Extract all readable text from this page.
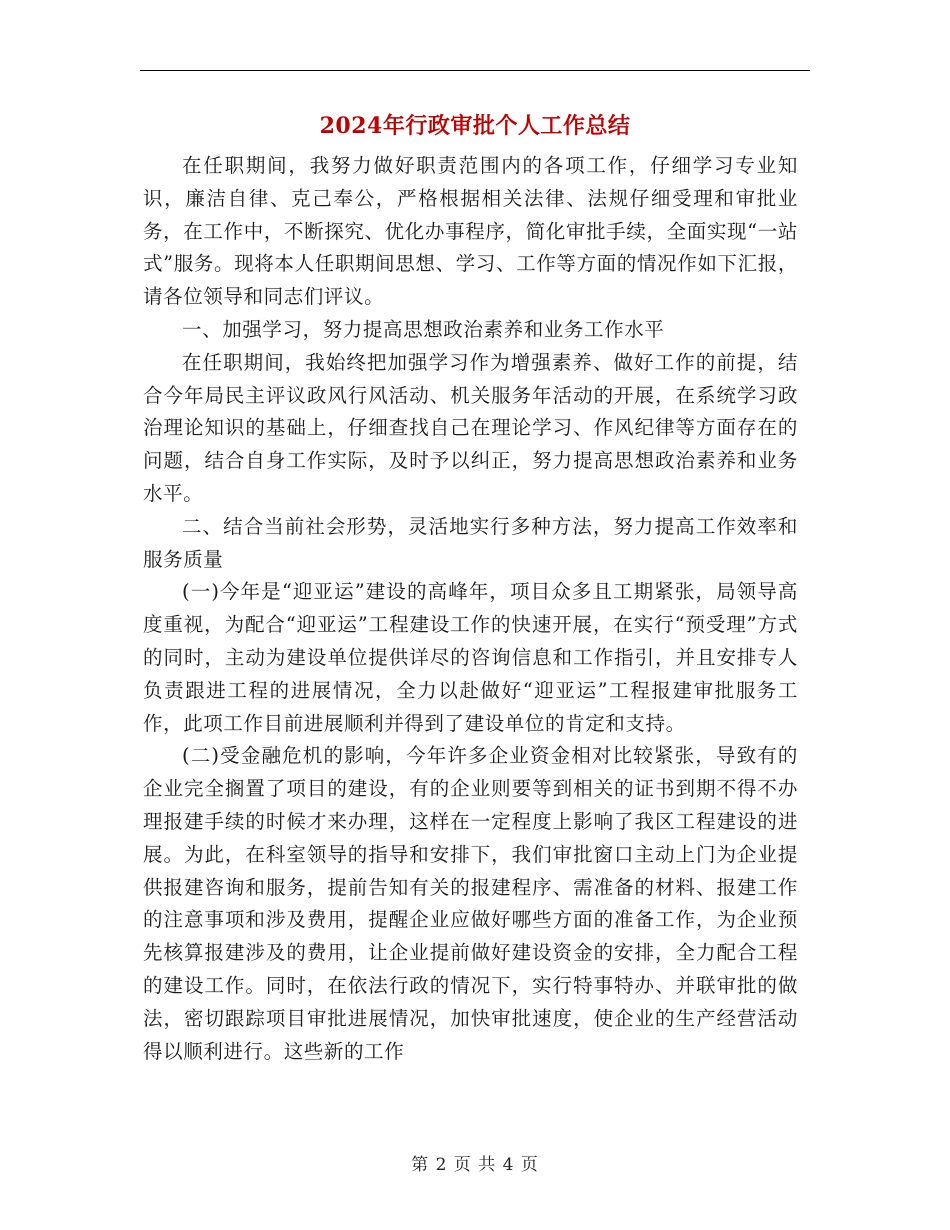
2024年行政审批个人工作总结

在任职期间，我努力做好职责范围内的各项工作，仔细学习专业知识，廉洁自律、克己奉公，严格根据相关法律、法规仔细受理和审批业务，在工作中，不断探究、优化办事程序，简化审批手续，全面实现“一站式”服务。现将本人任职期间思想、学习、工作等方面的情况作如下汇报，请各位领导和同志们评议。

一、加强学习，努力提高思想政治素养和业务工作水平

在任职期间，我始终把加强学习作为增强素养、做好工作的前提，结合今年局民主评议政风行风活动、机关服务年活动的开展，在系统学习政治理论知识的基础上，仔细查找自己在理论学习、作风纪律等方面存在的问题，结合自身工作实际，及时予以纠正，努力提高思想政治素养和业务水平。

二、结合当前社会形势，灵活地实行多种方法，努力提高工作效率和服务质量

(一)今年是“迎亚运”建设的高峰年，项目众多且工期紧张，局领导高度重视，为配合“迎亚运”工程建设工作的快速开展，在实行“预受理”方式的同时，主动为建设单位提供详尽的咨询信息和工作指引，并且安排专人负责跟进工程的进展情况，全力以赴做好“迎亚运”工程报建审批服务工作，此项工作目前进展顺利并得到了建设单位的肯定和支持。

(二)受金融危机的影响，今年许多企业资金相对比较紧张，导致有的企业完全搁置了项目的建设，有的企业则要等到相关的证书到期不得不办理报建手续的时候才来办理，这样在一定程度上影响了我区工程建设的进展。为此，在科室领导的指导和安排下，我们审批窗口主动上门为企业提供报建咨询和服务，提前告知有关的报建程序、需准备的材料、报建工作的注意事项和涉及费用，提醒企业应做好哪些方面的准备工作，为企业预先核算报建涉及的费用，让企业提前做好建设资金的安排，全力配合工程的建设工作。同时，在依法行政的情况下，实行特事特办、并联审批的做法，密切跟踪项目审批进展情况，加快审批速度，使企业的生产经营活动得以顺利进行。这些新的工作

第 2 页 共 4 页
